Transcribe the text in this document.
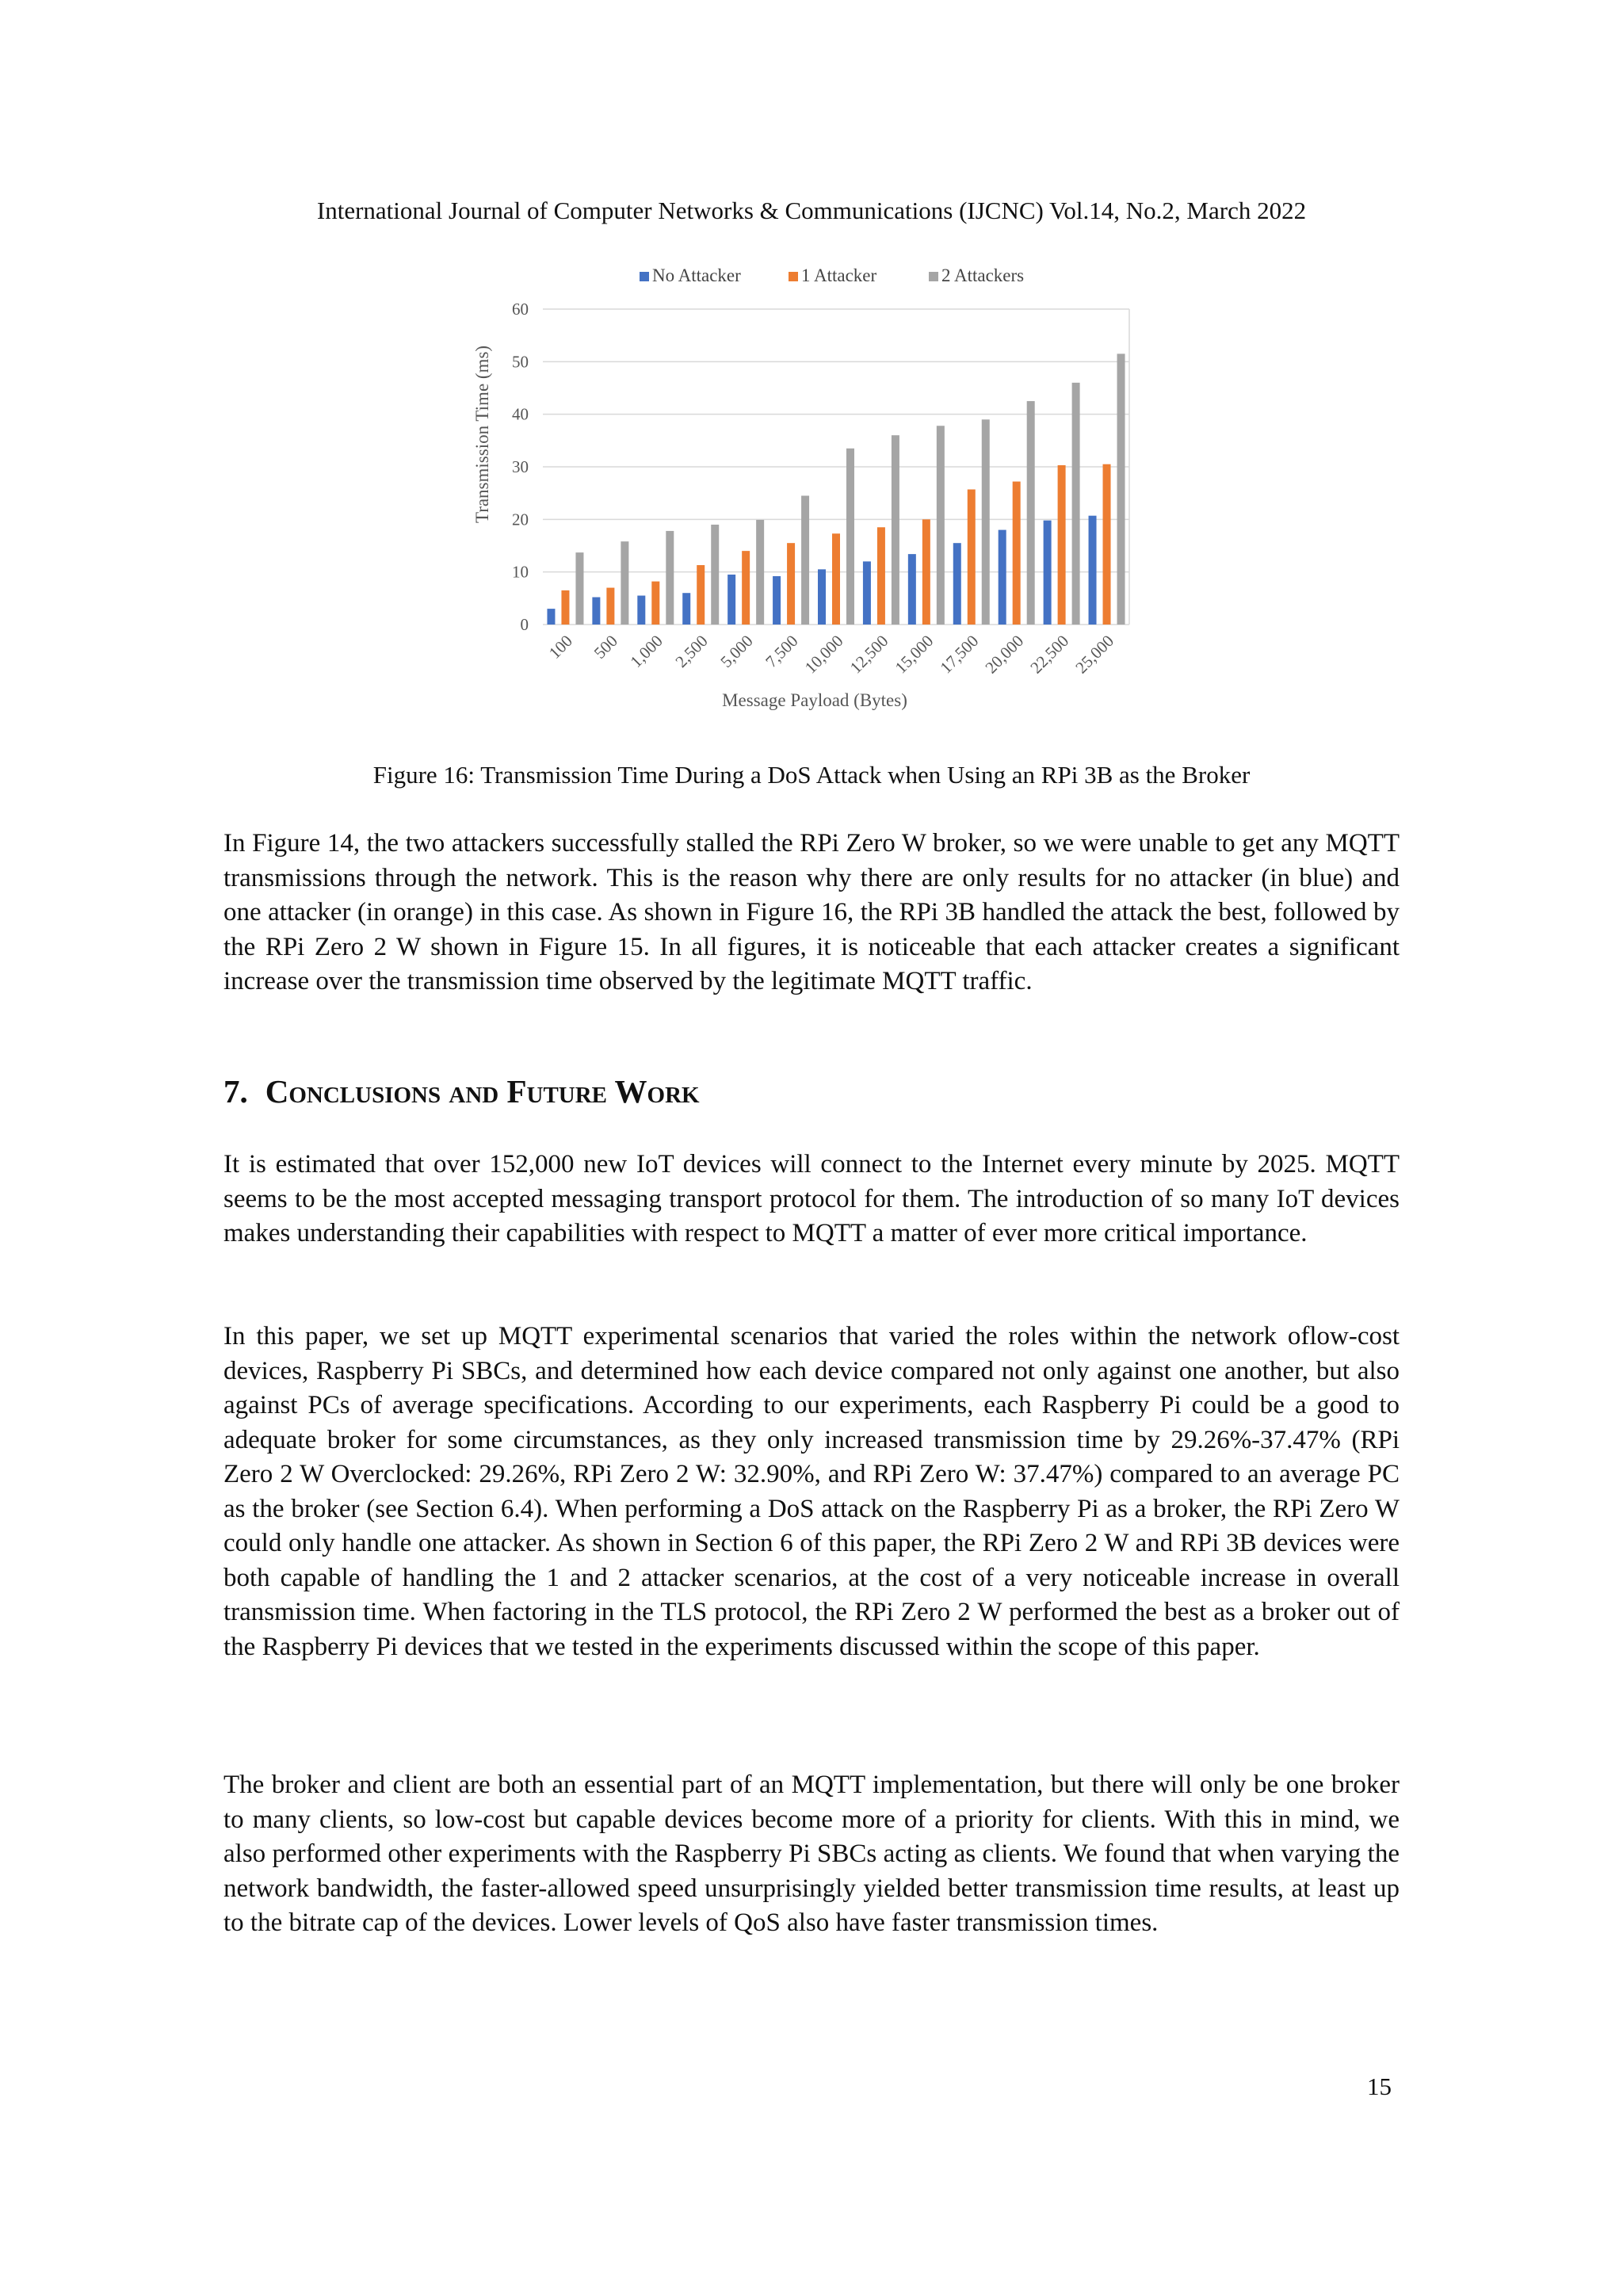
International Journal of Computer Networks & Communications (IJCNC) Vol.14, No.2, March 2022
No Attacker	1 Attacker	2 Attackers
0
10
20
30
40
50
60
100 500 1,000 2,500 5,000 7,500 10,000 12,500 15,000 17,500 20,000 22,500 25,000
Transmission Time (ms)
Message Payload (Bytes)
Figure 16: Transmission Time During a DoS Attack when Using an RPi 3B as the Broker

In Figure 14, the two attackers successfully stalled the RPi Zero W broker, so we were unable to get any MQTT transmissions through the network. This is the reason why there are only results for no attacker (in blue) and one attacker (in orange) in this case. As shown in Figure 16, the RPi 3B handled the attack the best, followed by the RPi Zero 2 W shown in Figure 15. In all figures, it is noticeable that each attacker creates a significant increase over the transmission time observed by the legitimate MQTT traffic.

7. Conclusions and Future Work

It is estimated that over 152,000 new IoT devices will connect to the Internet every minute by 2025. MQTT seems to be the most accepted messaging transport protocol for them. The introduction of so many IoT devices makes understanding their capabilities with respect to MQTT a matter of ever more critical importance.

In this paper, we set up MQTT experimental scenarios that varied the roles within the network oflow-cost devices, Raspberry Pi SBCs, and determined how each device compared not only against one another, but also against PCs of average specifications. According to our experiments, each Raspberry Pi could be a good to adequate broker for some circumstances, as they only increased transmission time by 29.26%-37.47% (RPi Zero 2 W Overclocked: 29.26%, RPi Zero 2 W: 32.90%, and RPi Zero W: 37.47%) compared to an average PC as the broker (see Section 6.4). When performing a DoS attack on the Raspberry Pi as a broker, the RPi Zero W could only handle one attacker. As shown in Section 6 of this paper, the RPi Zero 2 W and RPi 3B devices were both capable of handling the 1 and 2 attacker scenarios, at the cost of a very noticeable increase in overall transmission time. When factoring in the TLS protocol, the RPi Zero 2 W performed the best as a broker out of the Raspberry Pi devices that we tested in the experiments discussed within the scope of this paper.

The broker and client are both an essential part of an MQTT implementation, but there will only be one broker to many clients, so low-cost but capable devices become more of a priority for clients. With this in mind, we also performed other experiments with the Raspberry Pi SBCs acting as clients. We found that when varying the network bandwidth, the faster-allowed speed unsurprisingly yielded better transmission time results, at least up to the bitrate cap of the devices. Lower levels of QoS also have faster transmission times.

15
